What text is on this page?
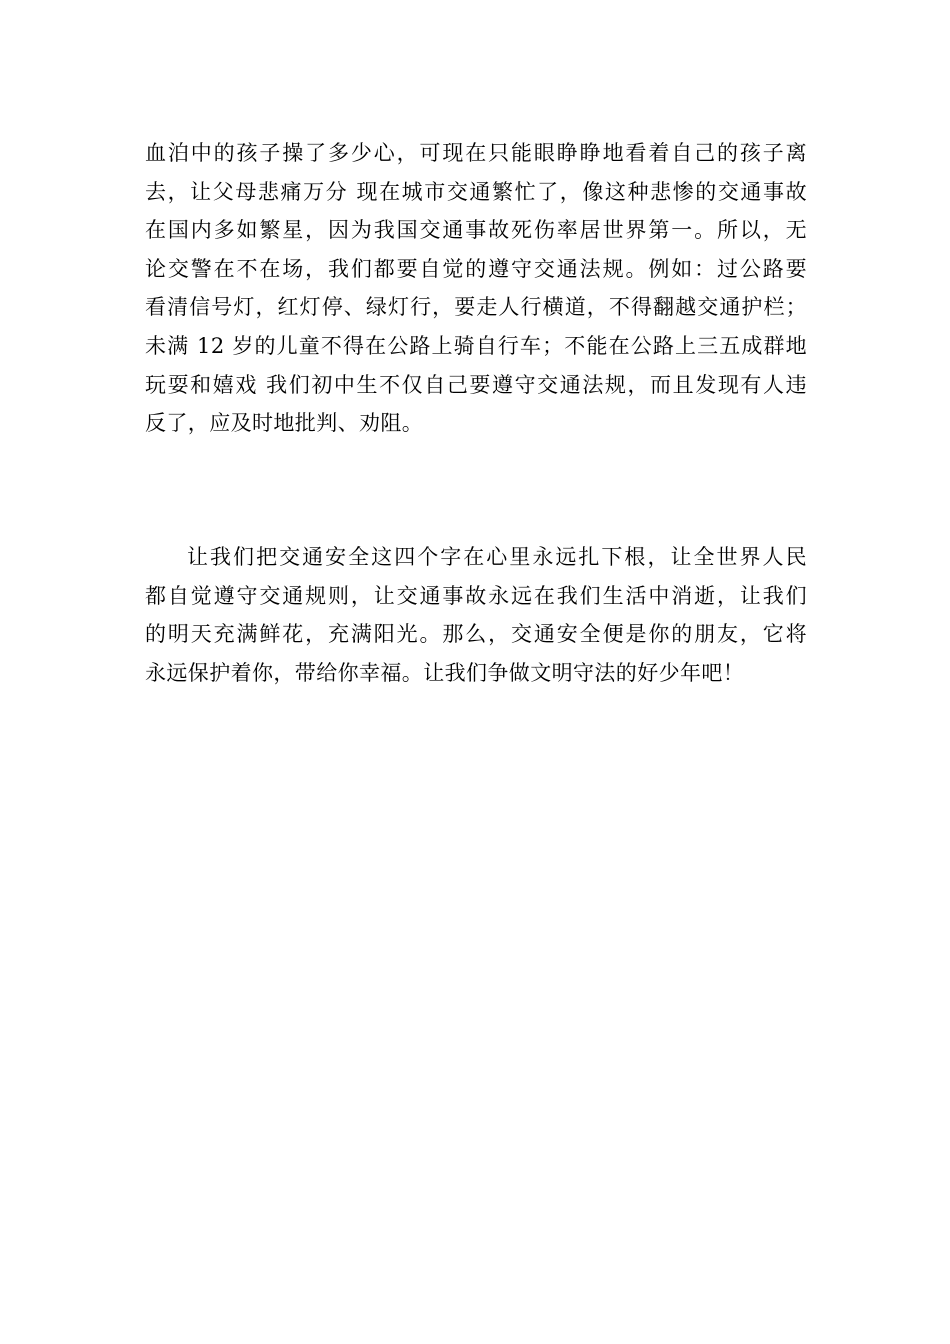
血泊中的孩子操了多少心，可现在只能眼睁睁地看着自己的孩子离
去，让父母悲痛万分 现在城市交通繁忙了，像这种悲惨的交通事故
在国内多如繁星，因为我国交通事故死伤率居世界第一。所以，无
论交警在不在场，我们都要自觉的遵守交通法规。例如：过公路要
看清信号灯，红灯停、绿灯行，要走人行横道，不得翻越交通护栏；
未满 12 岁的儿童不得在公路上骑自行车；不能在公路上三五成群地
玩耍和嬉戏 我们初中生不仅自己要遵守交通法规，而且发现有人违
反了，应及时地批判、劝阻。
让我们把交通安全这四个字在心里永远扎下根，让全世界人民
都自觉遵守交通规则，让交通事故永远在我们生活中消逝，让我们
的明天充满鲜花，充满阳光。那么，交通安全便是你的朋友，它将
永远保护着你，带给你幸福。让我们争做文明守法的好少年吧！
